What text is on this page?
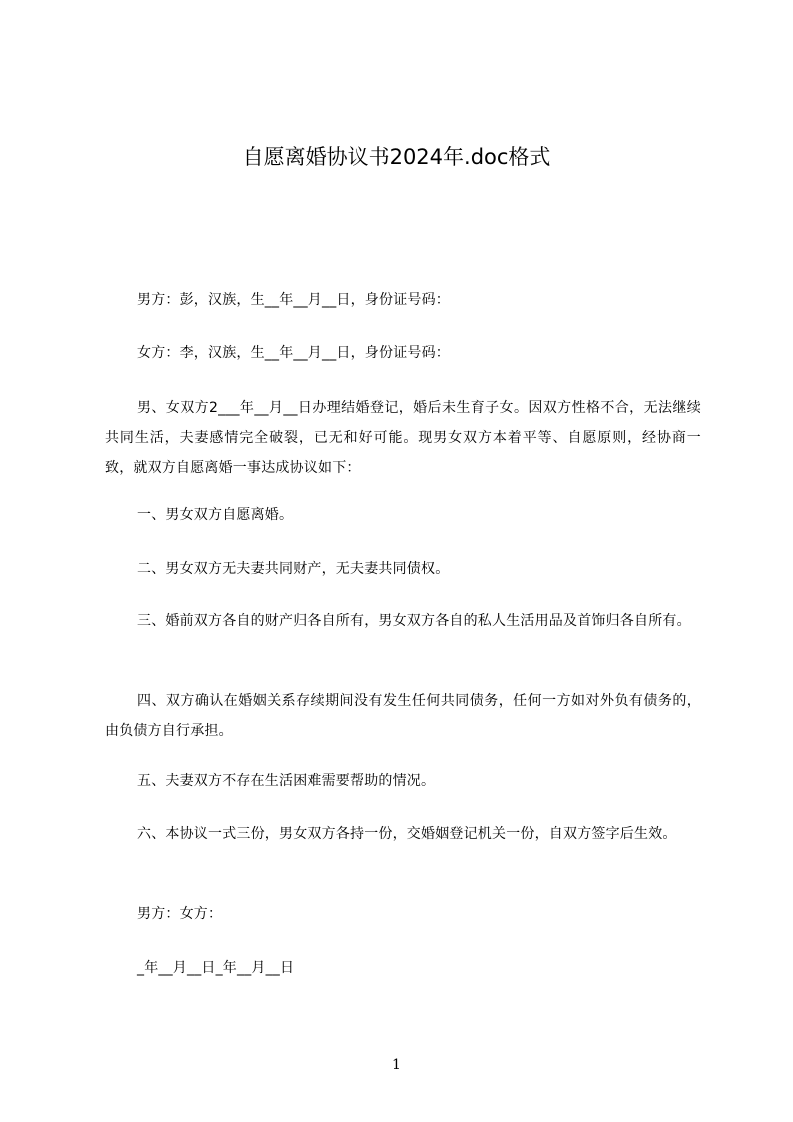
自愿离婚协议书2024年.doc格式

男方：彭，汉族，生__年__月__日，身份证号码：

女方：李，汉族，生__年__月__日，身份证号码：

男、女双方2___年__月__日办理结婚登记，婚后未生育子女。因双方性格不合，无法继续共同生活，夫妻感情完全破裂，已无和好可能。现男女双方本着平等、自愿原则，经协商一致，就双方自愿离婚一事达成协议如下：

一、男女双方自愿离婚。

二、男女双方无夫妻共同财产，无夫妻共同债权。

三、婚前双方各自的财产归各自所有，男女双方各自的私人生活用品及首饰归各自所有。

四、双方确认在婚姻关系存续期间没有发生任何共同债务，任何一方如对外负有债务的，由负债方自行承担。

五、夫妻双方不存在生活困难需要帮助的情况。

六、本协议一式三份，男女双方各持一份，交婚姻登记机关一份，自双方签字后生效。

男方：女方：

_年__月__日_年__月__日

1
